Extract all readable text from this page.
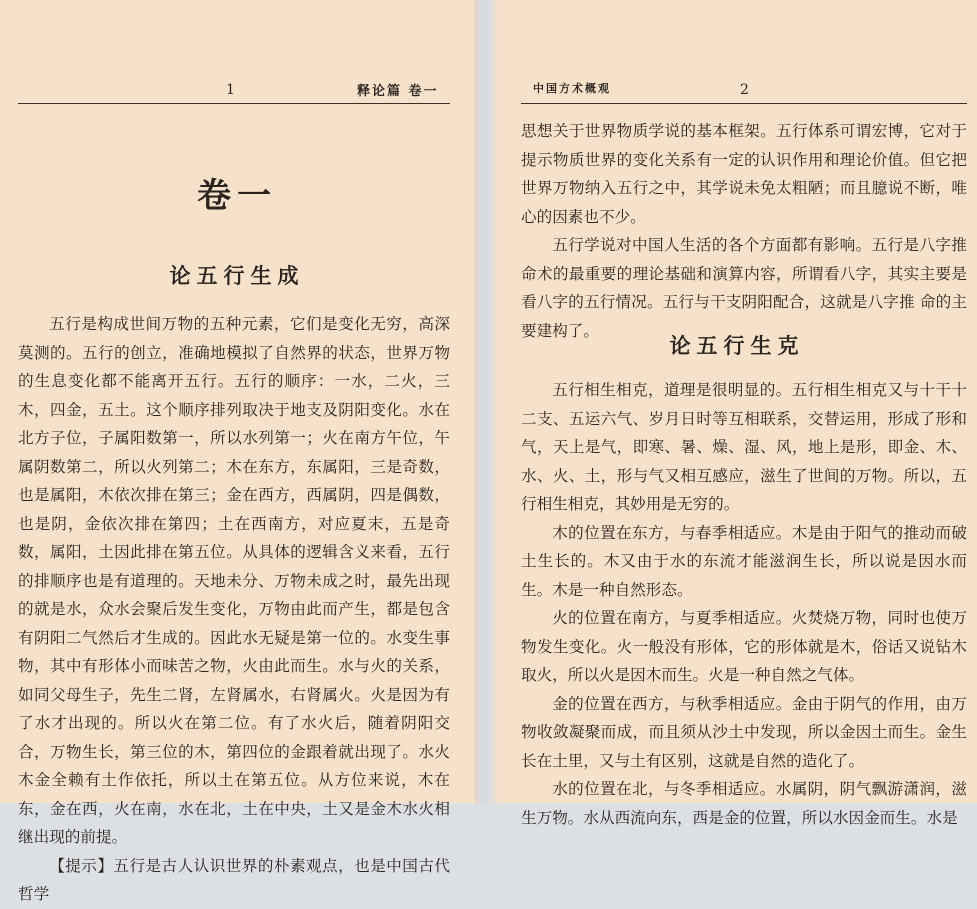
1	释论篇 卷一
卷一
论五行生成

五行是构成世间万物的五种元素，它们是变化无穷，高深莫测的。五行的创立，准确地模拟了自然界的状态，世界万物的生息变化都不能离开五行。五行的顺序：一水，二火，三木，四金，五土。这个顺序排列取决于地支及阴阳变化。水在北方子位，子属阳数第一，所以水列第一；火在南方午位，午属阴数第二，所以火列第二；木在东方，东属阳，三是奇数，也是属阳，木依次排在第三；金在西方，西属阴，四是偶数，也是阴，金依次排在第四；土在西南方，对应夏末，五是奇数，属阳，土因此排在第五位。从具体的逻辑含义来看，五行的排顺序也是有道理的。天地未分、万物未成之时，最先出现的就是水，众水会聚后发生变化，万物由此而产生，都是包含有阴阳二气然后才生成的。因此水无疑是第一位的。水变生事物，其中有形体小而味苦之物，火由此而生。水与火的关系，如同父母生子，先生二肾，左肾属水，右肾属火。火是因为有了水才出现的。所以火在第二位。有了水火后，随着阴阳交合，万物生长，第三位的木，第四位的金跟着就出现了。水火木金全赖有土作依托，所以土在第五位。从方位来说，木在东，金在西，火在南，水在北，土在中央，土又是金木水火相继出现的前提。

【提示】五行是古人认识世界的朴素观点，也是中国古代哲学

中国方术概观	2

思想关于世界物质学说的基本框架。五行体系可谓宏博，它对于提示物质世界的变化关系有一定的认识作用和理论价值。但它把世界万物纳入五行之中，其学说未免太粗陋；而且臆说不断，唯心的因素也不少。

五行学说对中国人生活的各个方面都有影响。五行是八字推命术的最重要的理论基础和演算内容，所谓看八字，其实主要是看八字的五行情况。五行与干支阴阳配合，这就是八字推 命的主要建构了。

论五行生克

五行相生相克，道理是很明显的。五行相生相克又与十干十二支、五运六气、岁月日时等互相联系，交替运用，形成了形和气，天上是气，即寒、暑、燥、湿、风，地上是形，即金、木、水、火、土，形与气又相互感应，滋生了世间的万物。所以，五行相生相克，其妙用是无穷的。

木的位置在东方，与春季相适应。木是由于阳气的推动而破土生长的。木又由于水的东流才能滋润生长，所以说是因水而生。木是一种自然形态。

火的位置在南方，与夏季相适应。火焚烧万物，同时也使万物发生变化。火一般没有形体，它的形体就是木，俗话又说钻木取火，所以火是因木而生。火是一种自然之气体。

金的位置在西方，与秋季相适应。金由于阴气的作用，由万物收敛凝聚而成，而且须从沙土中发现，所以金因土而生。金生长在土里，又与土有区别，这就是自然的造化了。

水的位置在北，与冬季相适应。水属阴，阴气飘游潇润，滋生万物。水从西流向东，西是金的位置，所以水因金而生。水是
